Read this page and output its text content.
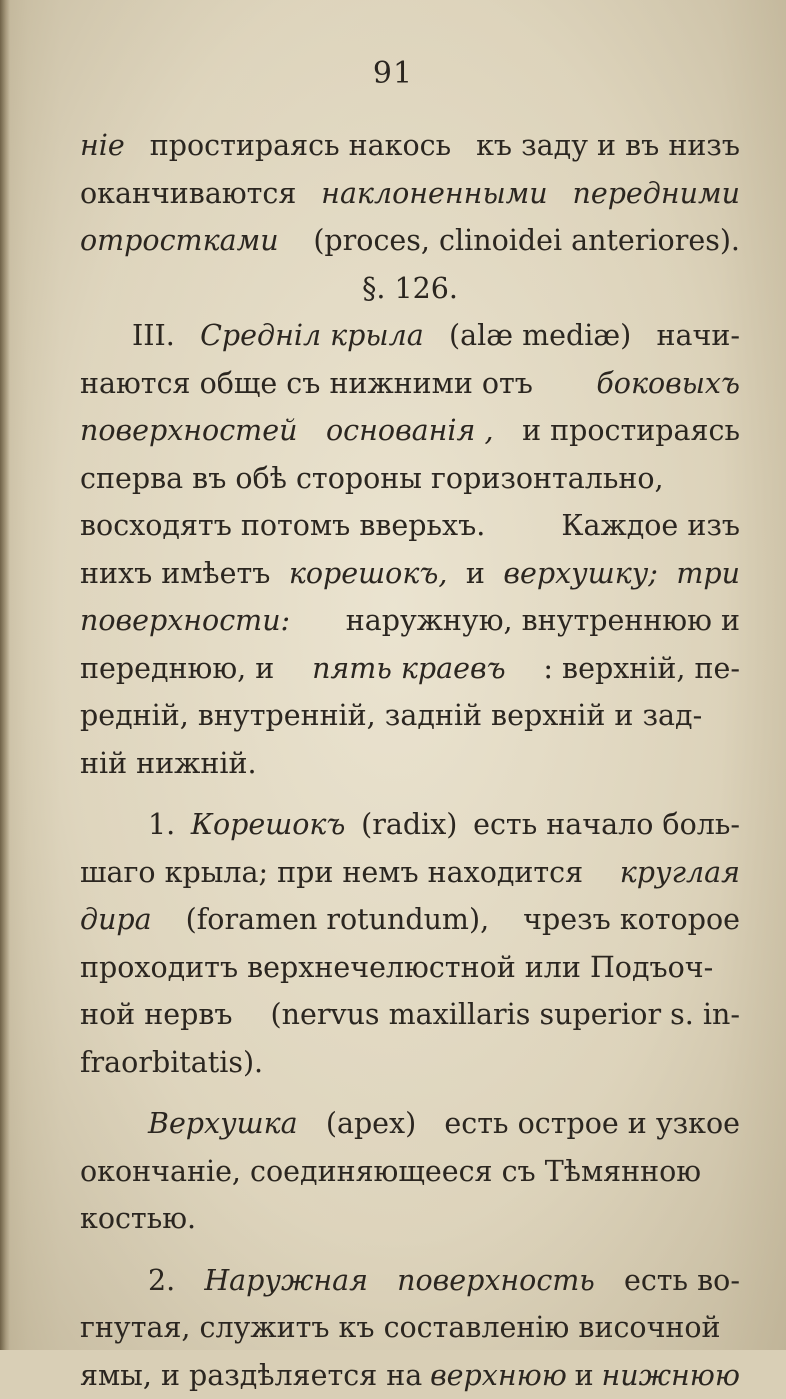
91
ніе простираясь накось къ заду и въ низъ
оканчиваются наклоненными передними
отростками (proces, clinoidei anteriores).
§. 126.
III. Средніл крыла (alæ mediæ) начи-
наются обще съ нижними отъ боковыхъ
поверхностей основанія , и простираясь
сперва въ обѣ стороны горизонтально,
восходятъ потомъ вверьхъ.	Каждое изъ
нихъ имѣетъ корешокъ, и верхушку; три
поверхности: наружную, внутреннюю и
переднюю, и пять краевъ : верхній, пе-
редній, внутренній, задній верхній и зад-
ній нижній.
1. Корешокъ (radix) есть начало боль-
шаго крыла; при немъ находится круглая
дира (foramen rotundum), чрезъ которое
проходитъ верхнечелюстной или Подъоч-
ной нервъ (nervus maxillaris superior s. in-
fraorbitatis).
Верхушка (apex) есть острое и узкое
окончаніе, соединяющееся съ Тѣмянною
костью.
2. Наружная поверхность есть во-
гнутая, служитъ къ составленію височной
ямы, и раздѣляется на верхнюю и нижнюю
